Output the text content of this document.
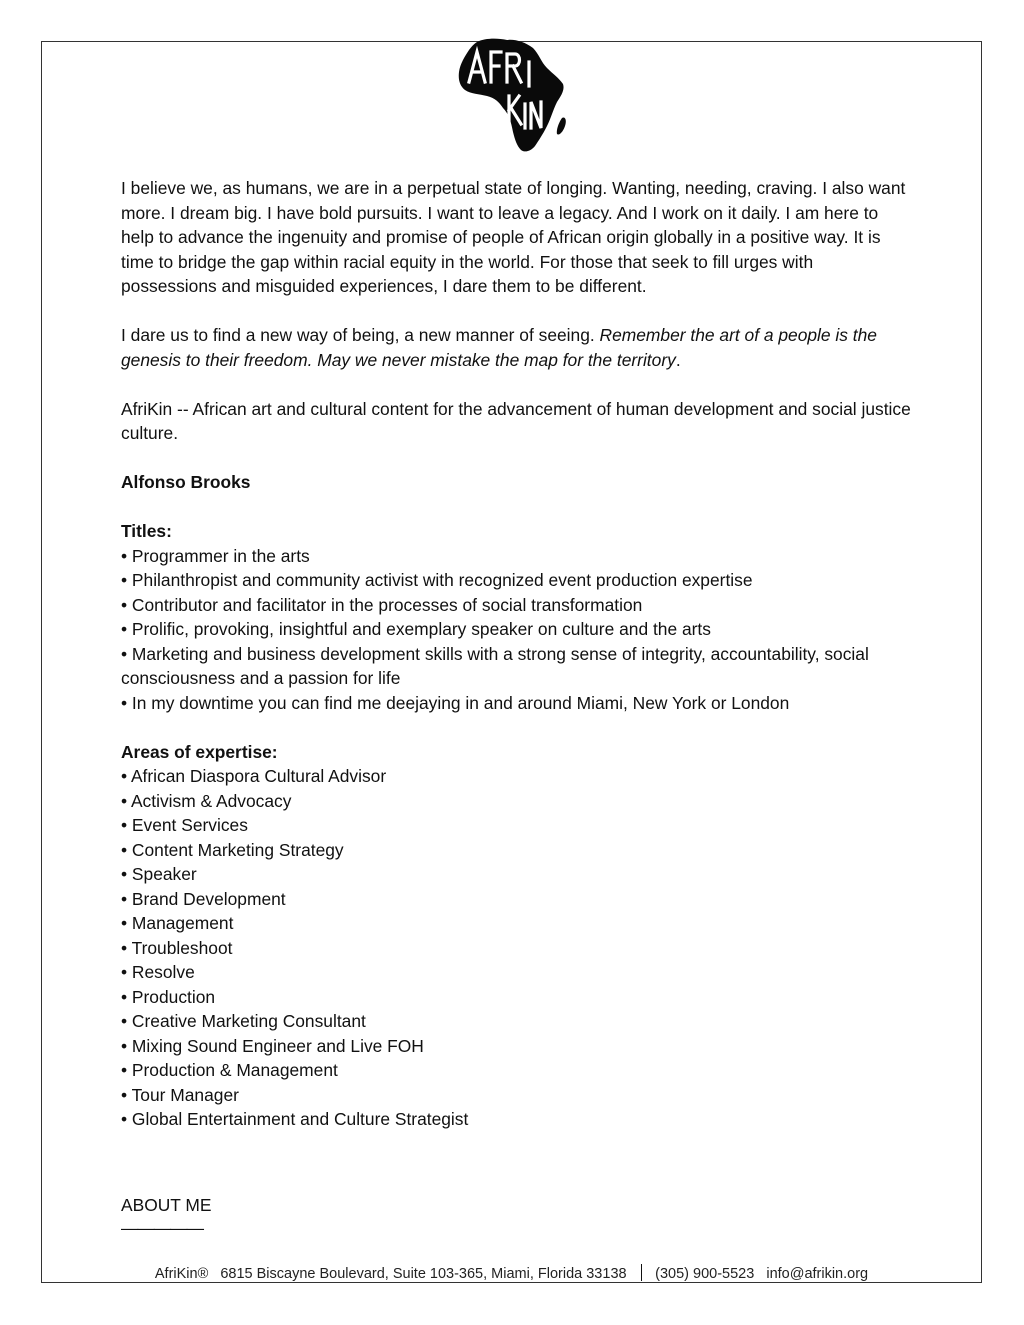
I believe we, as humans, we are in a perpetual state of longing. Wanting, needing, craving. I also want more. I dream big. I have bold pursuits. I want to leave a legacy. And I work on it daily. I am here to help to advance the ingenuity and promise of people of African origin globally in a positive way. It is time to bridge the gap within racial equity in the world. For those that seek to fill urges with possessions and misguided experiences, I dare them to be different.

I dare us to find a new way of being, a new manner of seeing. Remember the art of a people is the genesis to their freedom. May we never mistake the map for the territory.

AfriKin -- African art and cultural content for the advancement of human development and social justice culture.

Alfonso Brooks

Titles:

• Programmer in the arts
• Philanthropist and community activist with recognized event production expertise
• Contributor and facilitator in the processes of social transformation
• Prolific, provoking, insightful and exemplary speaker on culture and the arts
• Marketing and business development skills with a strong sense of integrity, accountability, social consciousness and a passion for life
• In my downtime you can find me deejaying in and around Miami, New York or London

Areas of expertise:

• African Diaspora Cultural Advisor
• Activism & Advocacy
• Event Services
• Content Marketing Strategy
• Speaker
• Brand Development
• Management
• Troubleshoot
• Resolve
• Production
• Creative Marketing Consultant
• Mixing Sound Engineer and Live FOH
• Production & Management
• Tour Manager
• Global Entertainment and Culture Strategist
ABOUT ME
—————
AfriKin® 6815 Biscayne Boulevard, Suite 103-365, Miami, Florida 33138 (305) 900-5523 info@afrikin.org
